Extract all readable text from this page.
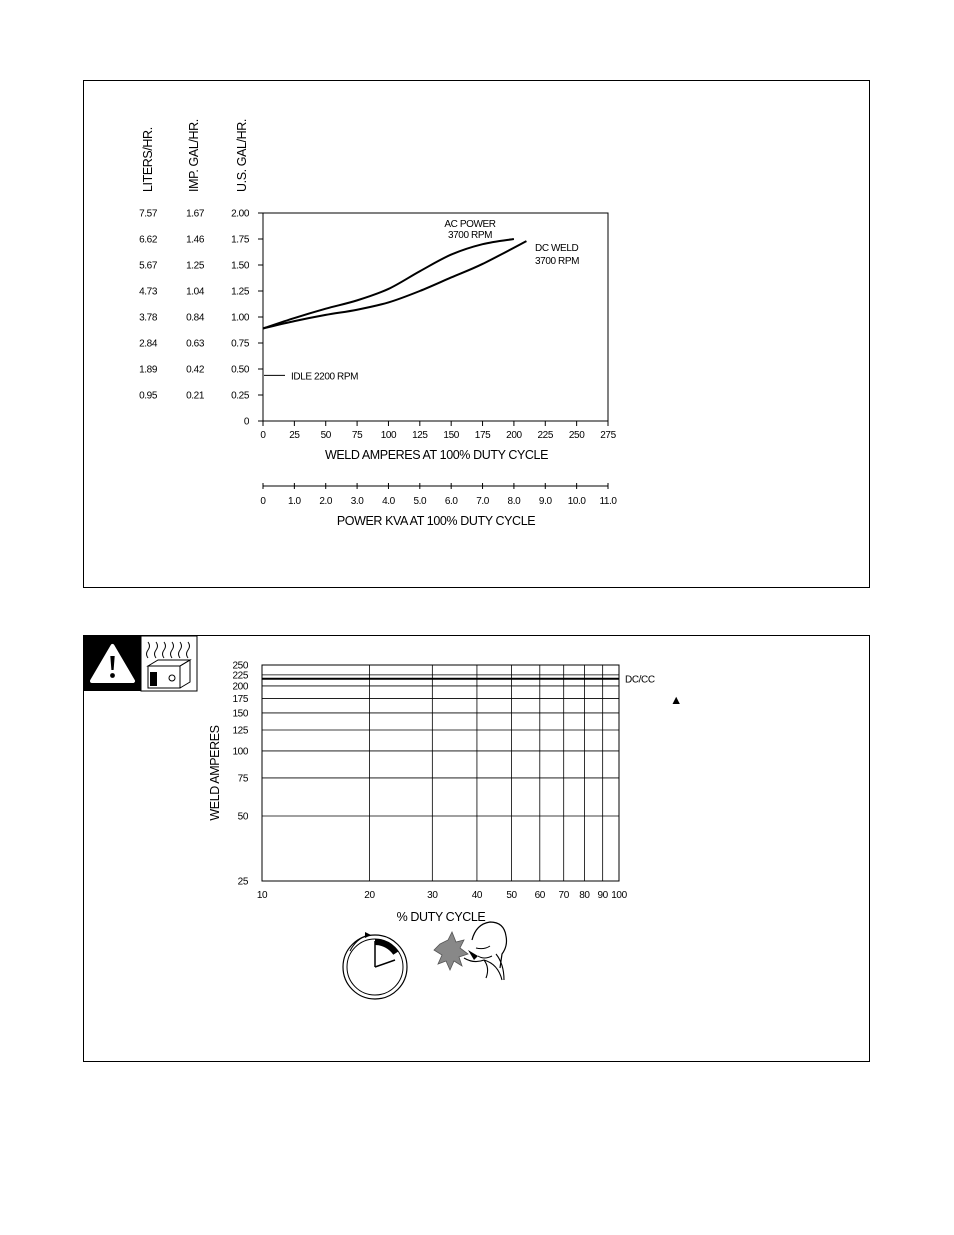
LITERS/HR.	IMP. GAL/HR.	U.S. GAL/HR.
2.00
7.57	1.67
1.75
6.62	1.46
1.50
5.67	1.25
1.25
4.73	1.04
1.00
3.78	0.84
0.75
2.84	0.63
0.50
1.89	0.42
0.25
0.95	0.21
0
0 25 50 75 100 125 150 175 200 225 250 275
WELD AMPERES AT 100% DUTY CYCLE
0 1.0 2.0 3.0 4.0 5.0 6.0 7.0 8.0 9.0 10.0 11.0
POWER KVA AT 100% DUTY CYCLE
AC POWER
3700 RPM
DC WELD
3700 RPM
IDLE 2200 RPM
10	20	30	40 50 60 70 80 90 100
250
225
200
175
150
125
100
75
50
25
DC/CC
▲
WELD AMPERES
% DUTY CYCLE
